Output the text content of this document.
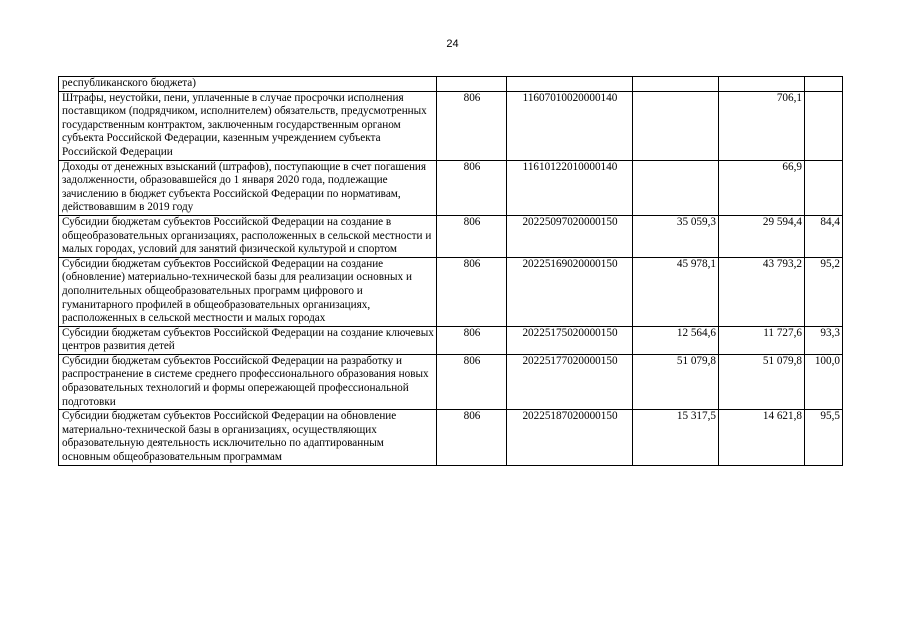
24
республиканского бюджета)					
Штрафы, неустойки, пени, уплаченные в случае просрочки исполнения поставщиком (подрядчиком, исполнителем) обязательств, предусмотренных государственным контрактом, заключенным государственным органом субъекта Российской Федерации, казенным учреждением субъекта Российской Федерации	806	11607010020000140		706,1	
Доходы от денежных взысканий (штрафов), поступающие в счет погашения задолженности, образовавшейся до 1 января 2020 года, подлежащие зачислению в бюджет субъекта Российской Федерации по нормативам, действовавшим в 2019 году	806	11610122010000140		66,9	
Субсидии бюджетам субъектов Российской Федерации на создание в общеобразовательных организациях, расположенных в сельской местности и малых городах, условий для занятий физической культурой и спортом	806	20225097020000150	35 059,3	29 594,4	84,4
Субсидии бюджетам субъектов Российской Федерации на создание (обновление) материально-технической базы для реализации основных и дополнительных общеобразовательных программ цифрового и гуманитарного профилей в общеобразовательных организациях, расположенных в сельской местности и малых городах	806	20225169020000150	45 978,1	43 793,2	95,2
Субсидии бюджетам субъектов Российской Федерации на создание ключевых центров развития детей	806	20225175020000150	12 564,6	11 727,6	93,3
Субсидии бюджетам субъектов Российской Федерации на разработку и распространение в системе среднего профессионального образования новых образовательных технологий и формы опережающей профессиональной подготовки	806	20225177020000150	51 079,8	51 079,8	100,0
Субсидии бюджетам субъектов Российской Федерации на обновление материально-технической базы в организациях, осуществляющих образовательную деятельность исключительно по адаптированным основным общеобразовательным программам	806	20225187020000150	15 317,5	14 621,8	95,5
